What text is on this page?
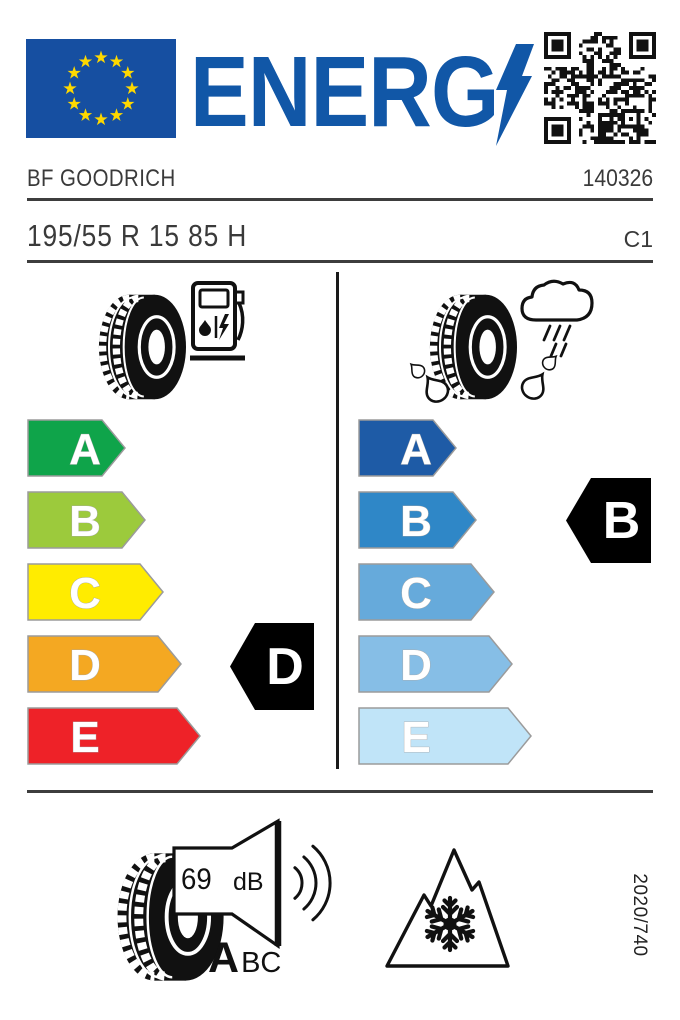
ENERG
BF GOODRICH	140326
195/55 R 15 85 H	C1
A
B
C
D
E
D
A
B
C
D
E
B
69 dB
A BC
2020/740
